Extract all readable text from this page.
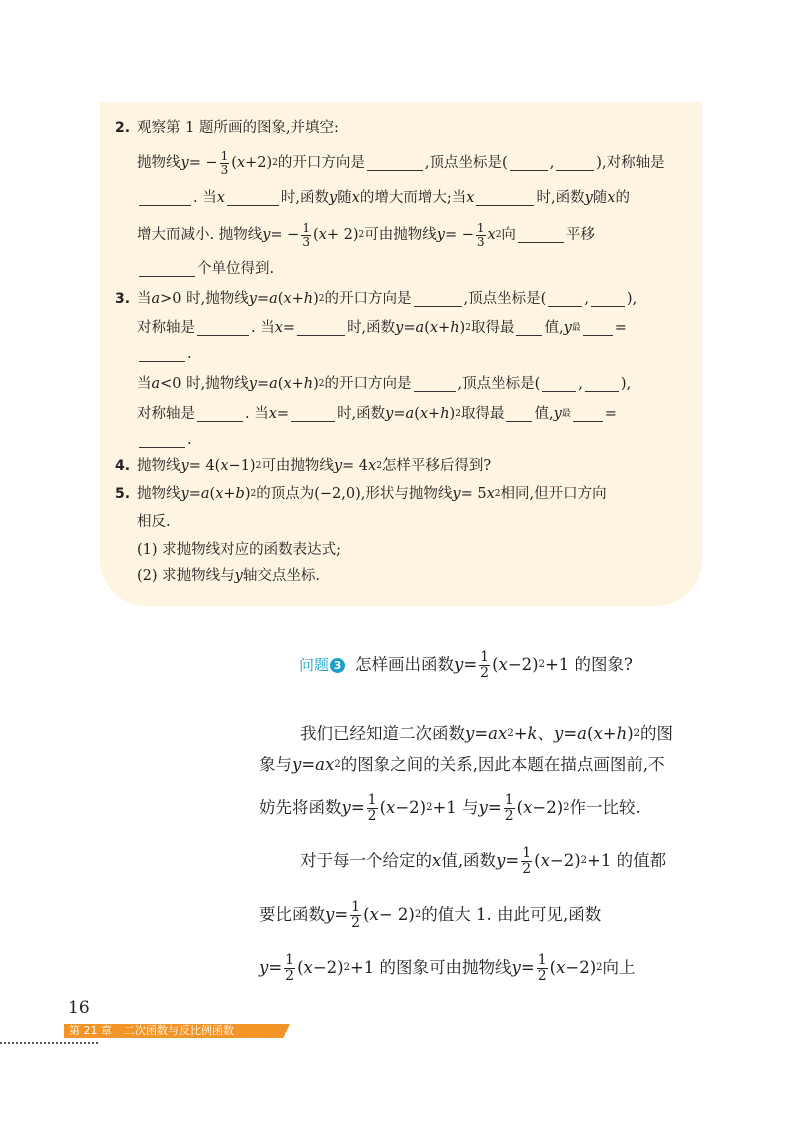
2. 观察第 1 题所画的图象,并填空:
抛物线 y = − $\frac{1}{3}$ ( x +2) 2 的开口方向是	,顶点坐标是(	,	),对称轴是
. 当 x	时,函数 y 随 x 的增大而增大;当 x	时,函数 y 随 x 的
增大而减小. 抛物线 y = − $\frac{1}{3}$ ( x + 2) 2 可由抛物线 y = − $\frac{1}{3}$ x 2 向	平移
个单位得到.
3. 当 a >0 时,抛物线 y = a ( x + h ) 2 的开口方向是	,顶点坐标是(	,	),
对称轴是	. 当 x =	时,函数 y = a ( x + h ) 2 取得最 值, y 最 =
.
当 a <0 时,抛物线 y = a ( x + h ) 2 的开口方向是	,顶点坐标是(	,	),
对称轴是	. 当 x =	时,函数 y = a ( x + h ) 2 取得最 值, y 最 =
.
4. 抛物线 y = 4( x −1) 2 可由抛物线 y = 4 x 2 怎样平移后得到?
5. 抛物线 y = a ( x + b ) 2 的顶点为(−2,0),形状与抛物线 y = 5 x 2 相同,但开口方向
相反.
(1) 求抛物线对应的函数表达式;
(2) 求抛物线与 y 轴交点坐标.
问题 3 怎样画出函数 $y = \frac{1}{2}$ ( x −2) 2 +1 的图象?
我们已经知道二次函数 y = a x 2 + k 、 y = a ( x + h ) 2 的图
象与 y = a x 2 的图象之间的关系,因此本题在描点画图前,不
妨先将函数 $y = \frac{1}{2}$ ( x −2) 2 +1 与 $y = \frac{1}{2}$ ( x −2) 2 作一比较.
对于每一个给定的 x 值,函数 $y = \frac{1}{2}$ ( x −2) 2 +1 的值都
要比函数 $y = \frac{1}{2}$ ( x − 2) 2 的值大 1. 由此可见,函数
$y = \frac{1}{2}$ ( x −2) 2 +1 的图象可由抛物线 $y = \frac{1}{2}$ ( x −2) 2 向上
16
第 21 章 二次函数与反比例函数
